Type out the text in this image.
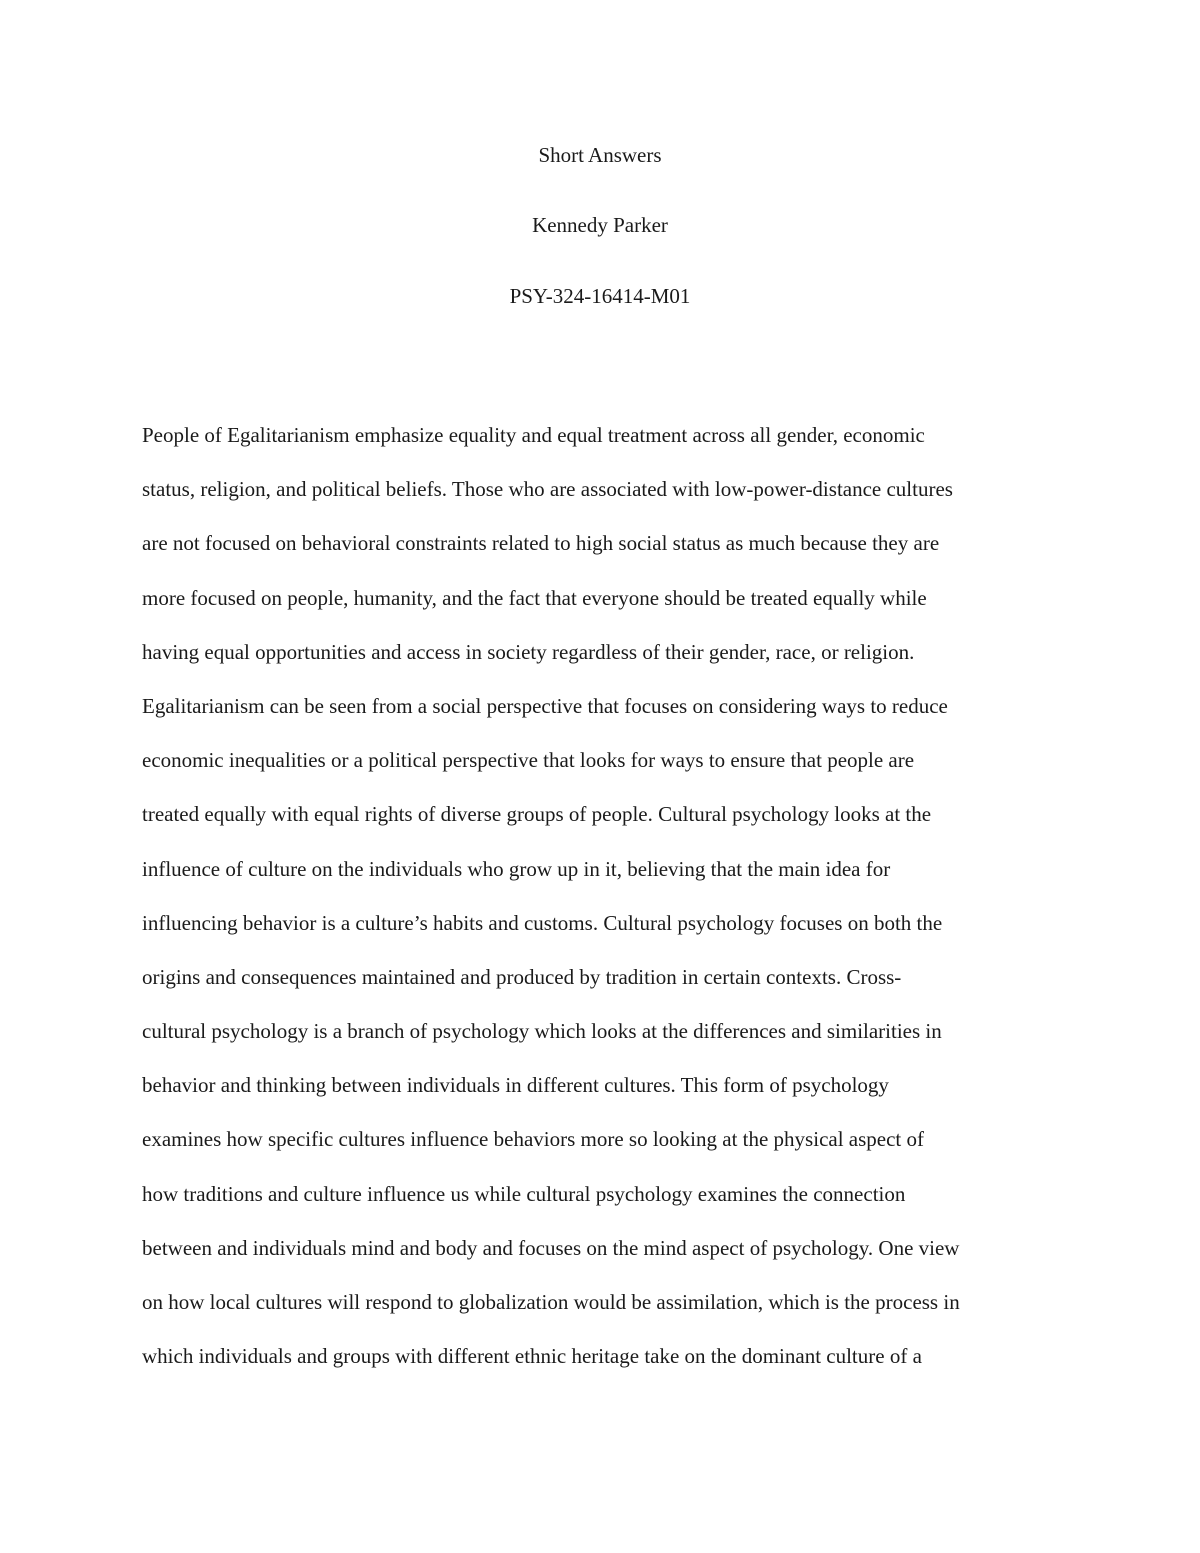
Short Answers
Kennedy Parker
PSY-324-16414-M01
People of Egalitarianism emphasize equality and equal treatment across all gender, economic
status, religion, and political beliefs. Those who are associated with low-power-distance cultures
are not focused on behavioral constraints related to high social status as much because they are
more focused on people, humanity, and the fact that everyone should be treated equally while
having equal opportunities and access in society regardless of their gender, race, or religion.
Egalitarianism can be seen from a social perspective that focuses on considering ways to reduce
economic inequalities or a political perspective that looks for ways to ensure that people are
treated equally with equal rights of diverse groups of people. Cultural psychology looks at the
influence of culture on the individuals who grow up in it, believing that the main idea for
influencing behavior is a culture’s habits and customs. Cultural psychology focuses on both the
origins and consequences maintained and produced by tradition in certain contexts. Cross-
cultural psychology is a branch of psychology which looks at the differences and similarities in
behavior and thinking between individuals in different cultures. This form of psychology
examines how specific cultures influence behaviors more so looking at the physical aspect of
how traditions and culture influence us while cultural psychology examines the connection
between and individuals mind and body and focuses on the mind aspect of psychology. One view
on how local cultures will respond to globalization would be assimilation, which is the process in
which individuals and groups with different ethnic heritage take on the dominant culture of a
